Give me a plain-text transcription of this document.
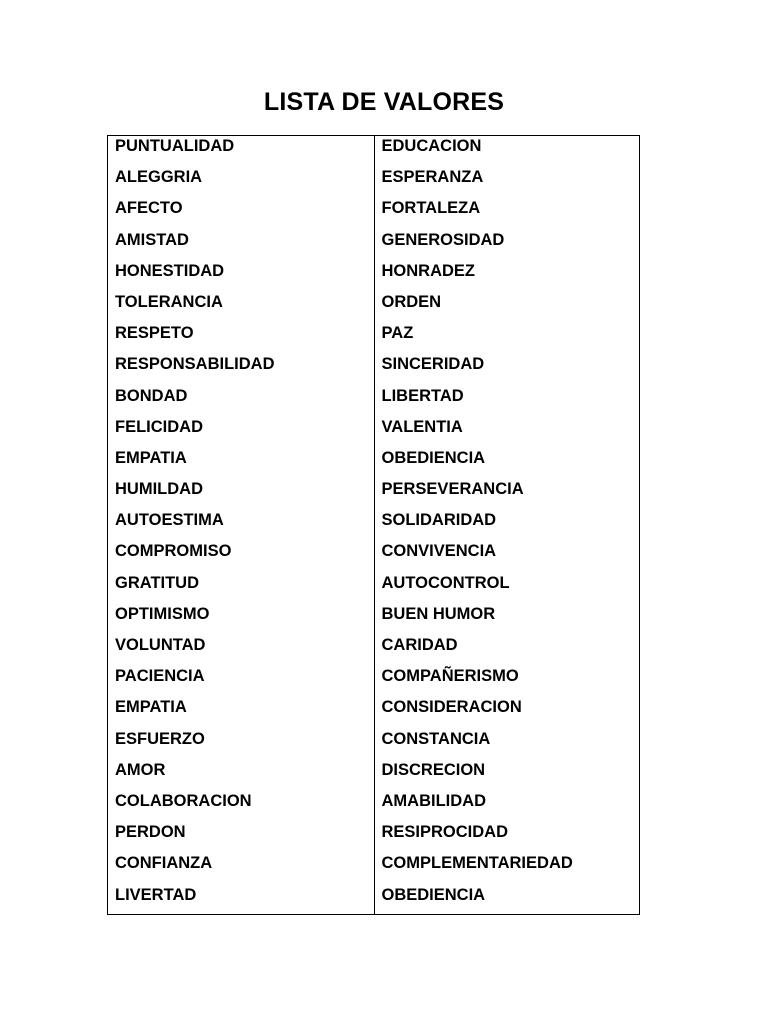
LISTA DE VALORES
PUNTUALIDAD
ALEGGRIA
AFECTO
AMISTAD
HONESTIDAD
TOLERANCIA
RESPETO
RESPONSABILIDAD
BONDAD
FELICIDAD
EMPATIA
HUMILDAD
AUTOESTIMA
COMPROMISO
GRATITUD
OPTIMISMO
VOLUNTAD
PACIENCIA
EMPATIA
ESFUERZO
AMOR
COLABORACION
PERDON
CONFIANZA
LIVERTAD
EDUCACION
ESPERANZA
FORTALEZA
GENEROSIDAD
HONRADEZ
ORDEN
PAZ
SINCERIDAD
LIBERTAD
VALENTIA
OBEDIENCIA
PERSEVERANCIA
SOLIDARIDAD
CONVIVENCIA
AUTOCONTROL
BUEN HUMOR
CARIDAD
COMPAÑERISMO
CONSIDERACION
CONSTANCIA
DISCRECION
AMABILIDAD
RESIPROCIDAD
COMPLEMENTARIEDAD
OBEDIENCIA
